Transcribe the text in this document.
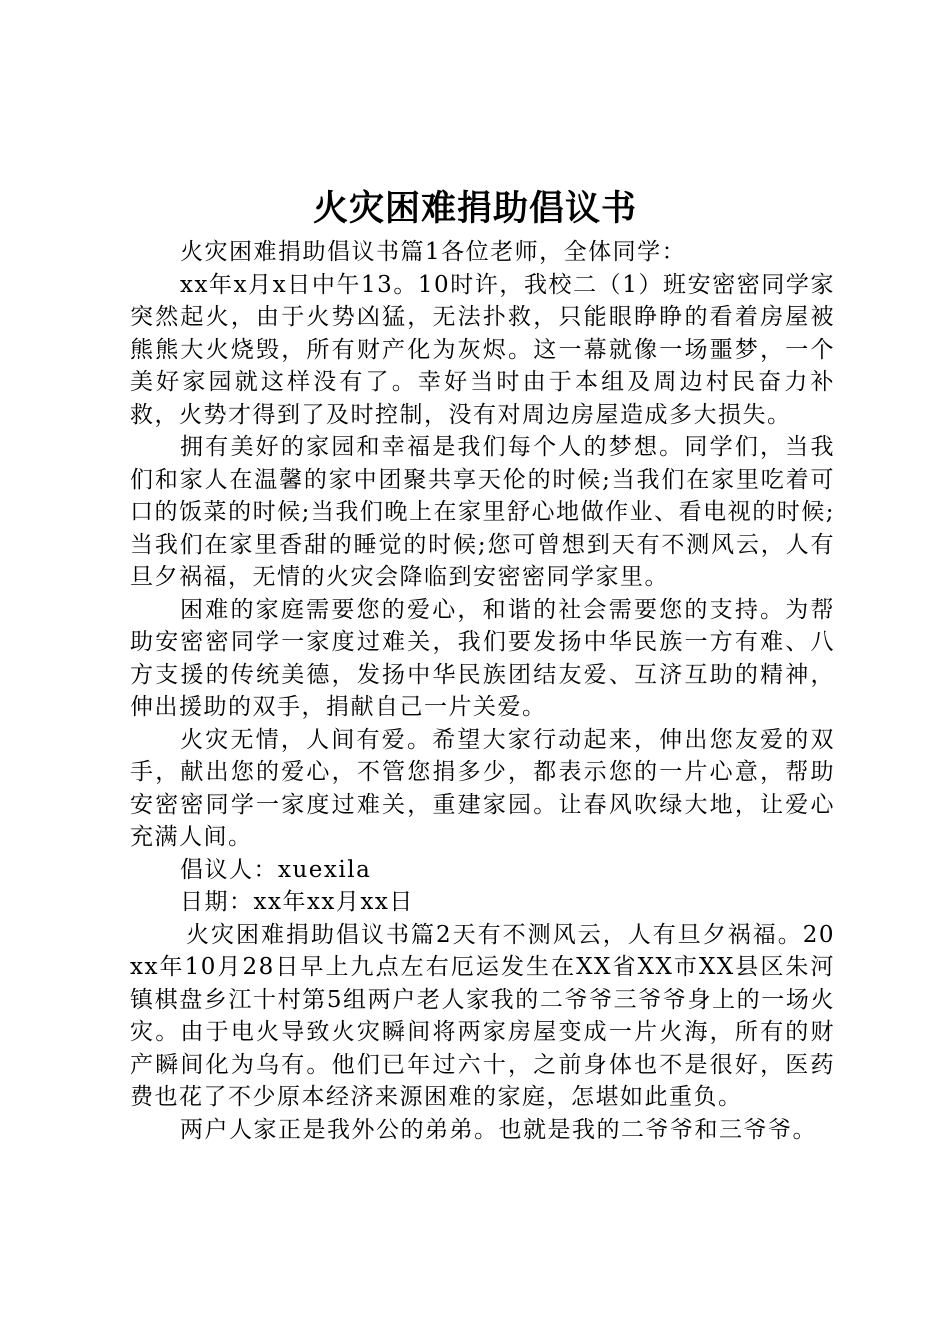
火灾困难捐助倡议书

火灾困难捐助倡议书篇1各位老师，全体同学：

xx年x月x日中午13。10时许，我校二（1）班安密密同学家突然起火，由于火势凶猛，无法扑救，只能眼睁睁的看着房屋被熊熊大火烧毁，所有财产化为灰烬。这一幕就像一场噩梦，一个美好家园就这样没有了。幸好当时由于本组及周边村民奋力补救，火势才得到了及时控制，没有对周边房屋造成多大损失。

拥有美好的家园和幸福是我们每个人的梦想。同学们，当我们和家人在温馨的家中团聚共享天伦的时候;当我们在家里吃着可口的饭菜的时候;当我们晚上在家里舒心地做作业、看电视的时候;当我们在家里香甜的睡觉的时候;您可曾想到天有不测风云，人有旦夕祸福，无情的火灾会降临到安密密同学家里。

困难的家庭需要您的爱心，和谐的社会需要您的支持。为帮助安密密同学一家度过难关，我们要发扬中华民族一方有难、八方支援的传统美德，发扬中华民族团结友爱、互济互助的精神，伸出援助的双手，捐献自己一片关爱。

火灾无情，人间有爱。希望大家行动起来，伸出您友爱的双手，献出您的爱心，不管您捐多少，都表示您的一片心意，帮助安密密同学一家度过难关，重建家园。让春风吹绿大地，让爱心充满人间。

倡议人：xuexila

日期：xx年xx月xx日

火灾困难捐助倡议书篇2天有不测风云，人有旦夕祸福。20xx年10月28日早上九点左右厄运发生在XX省XX市XX县区朱河镇棋盘乡江十村第5组两户老人家我的二爷爷三爷爷身上的一场火灾。由于电火导致火灾瞬间将两家房屋变成一片火海，所有的财产瞬间化为乌有。他们已年过六十，之前身体也不是很好，医药费也花了不少原本经济来源困难的家庭，怎堪如此重负。

两户人家正是我外公的弟弟。也就是我的二爷爷和三爷爷。
